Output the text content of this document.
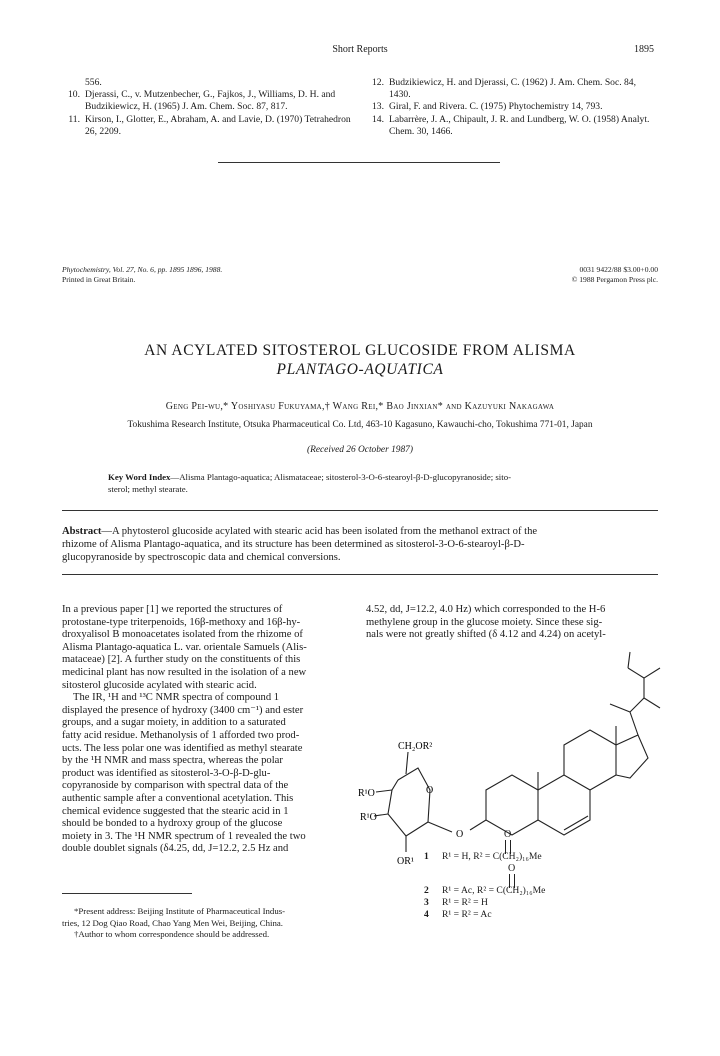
Short Reports	1895
556.
10. Djerassi, C., v. Mutzenbecher, G., Fajkos, J., Williams, D. H. and Budzikiewicz, H. (1965) J. Am. Chem. Soc. 87, 817.
11. Kirson, I., Glotter, E., Abraham, A. and Lavie, D. (1970) Tetrahedron 26, 2209.
12. Budzikiewicz, H. and Djerassi, C. (1962) J. Am. Chem. Soc. 84, 1430.
13. Giral, F. and Rivera. C. (1975) Phytochemistry 14, 793.
14. Labarrère, J. A., Chipault, J. R. and Lundberg, W. O. (1958) Analyt. Chem. 30, 1466.
Phytochemistry, Vol. 27, No. 6, pp. 1895 1896, 1988.
Printed in Great Britain.
0031 9422/88 $3.00+0.00
© 1988 Pergamon Press plc.
AN ACYLATED SITOSTEROL GLUCOSIDE FROM ALISMA
PLANTAGO-AQUATICA
Geng Pei-wu,* Yoshiyasu Fukuyama,† Wang Rei,* Bao Jinxian* and Kazuyuki Nakagawa
Tokushima Research Institute, Otsuka Pharmaceutical Co. Ltd, 463-10 Kagasuno, Kawauchi-cho, Tokushima 771-01, Japan
(Received 26 October 1987)
Key Word Index—Alisma Plantago-aquatica; Alismataceae; sitosterol-3-O-6-stearoyl-β-D-glucopyranoside; sito-
sterol; methyl stearate.
Abstract—A phytosterol glucoside acylated with stearic acid has been isolated from the methanol extract of the
rhizome of Alisma Plantago-aquatica, and its structure has been determined as sitosterol-3-O-6-stearoyl-β-D-
glucopyranoside by spectroscopic data and chemical conversions.
In a previous paper [1] we reported the structures of
protostane-type triterpenoids, 16β-methoxy and 16β-hy-
droxyalisol B monoacetates isolated from the rhizome of
Alisma Plantago-aquatica L. var. orientale Samuels (Alis-
mataceae) [2]. A further study on the constituents of this
medicinal plant has now resulted in the isolation of a new
sitosterol glucoside acylated with stearic acid.
The IR, ¹H and ¹³C NMR spectra of compound 1
displayed the presence of hydroxy (3400 cm⁻¹) and ester
groups, and a sugar moiety, in addition to a saturated
fatty acid residue. Methanolysis of 1 afforded two prod-
ucts. The less polar one was identified as methyl stearate
by the ¹H NMR and mass spectra, whereas the polar
product was identified as sitosterol-3-O-β-D-glu-
copyranoside by comparison with spectral data of the
authentic sample after a conventional acetylation. This
chemical evidence suggested that the stearic acid in 1
should be bonded to a hydroxy group of the glucose
moiety in 3. The ¹H NMR spectrum of 1 revealed the two
double doublet signals (δ4.25, dd, J=12.2, 2.5 Hz and
4.52, dd, J=12.2, 4.0 Hz) which corresponded to the H-6
methylene group in the glucose moiety. Since these sig-
nals were not greatly shifted (δ 4.12 and 4.24) on acetyl-
CH₂OR²
O
R¹O
R¹O
OR¹
O	O
1 R¹ = H, R² = C(CH₂)₁₆Me
O
2 R¹ = Ac, R² = C(CH₂)₁₆Me
3 R¹ = R² = H
4 R¹ = R² = Ac
*Present address: Beijing Institute of Pharmaceutical Indus-
tries, 12 Dog Qiao Road, Chao Yang Men Wei, Beijing, China.
†Author to whom correspondence should be addressed.
